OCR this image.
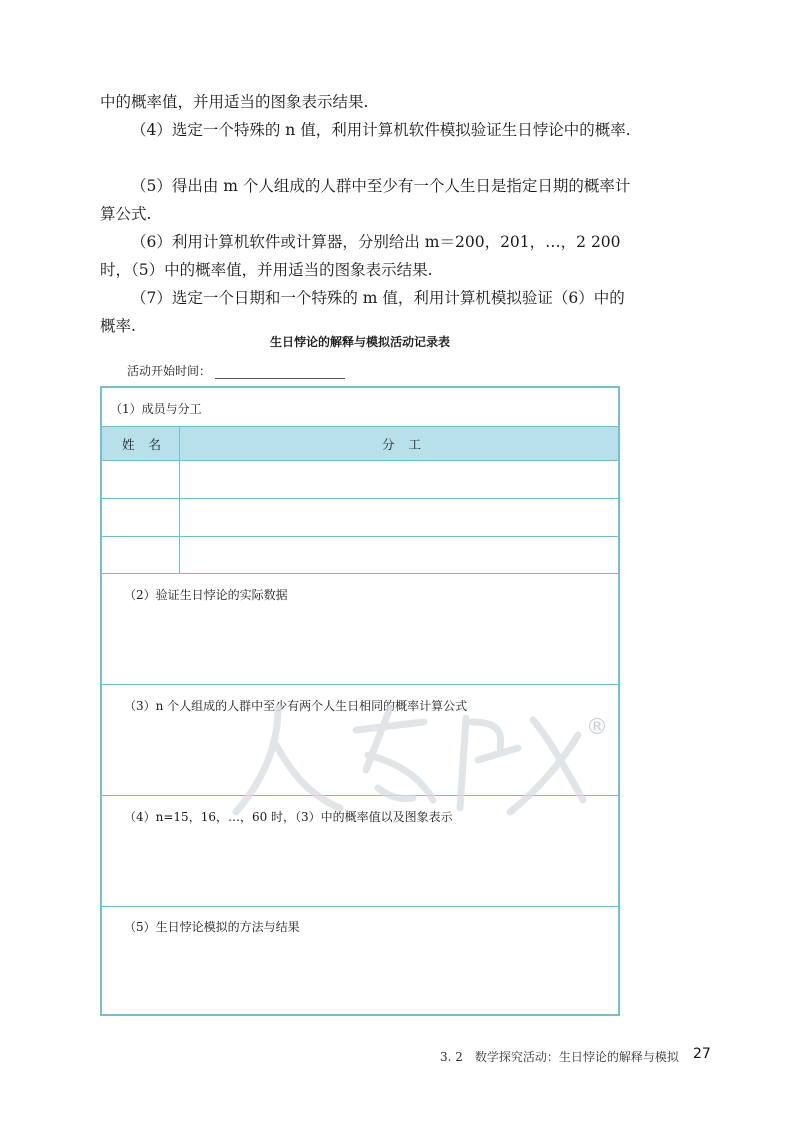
中的概率值，并用适当的图象表示结果.

（4）选定一个特殊的 n 值，利用计算机软件模拟验证生日悖论中的概率.

（5）得出由 m 个人组成的人群中至少有一个人生日是指定日期的概率计算公式.

（6）利用计算机软件或计算器，分别给出 m＝200，201，…，2 200 时，（5）中的概率值，并用适当的图象表示结果.

（7）选定一个日期和一个特殊的 m 值，利用计算机模拟验证（6）中的概率.

生日悖论的解释与模拟活动记录表
活动开始时间：
（1）成员与分工
姓名	分工
（2）验证生日悖论的实际数据
（3）n 个人组成的人群中至少有两个人生日相同的概率计算公式
（4）n=15，16，…，60 时，（3）中的概率值以及图象表示
（5）生日悖论模拟的方法与结果
®
3. 2　数学探究活动：生日悖论的解释与模拟 27
